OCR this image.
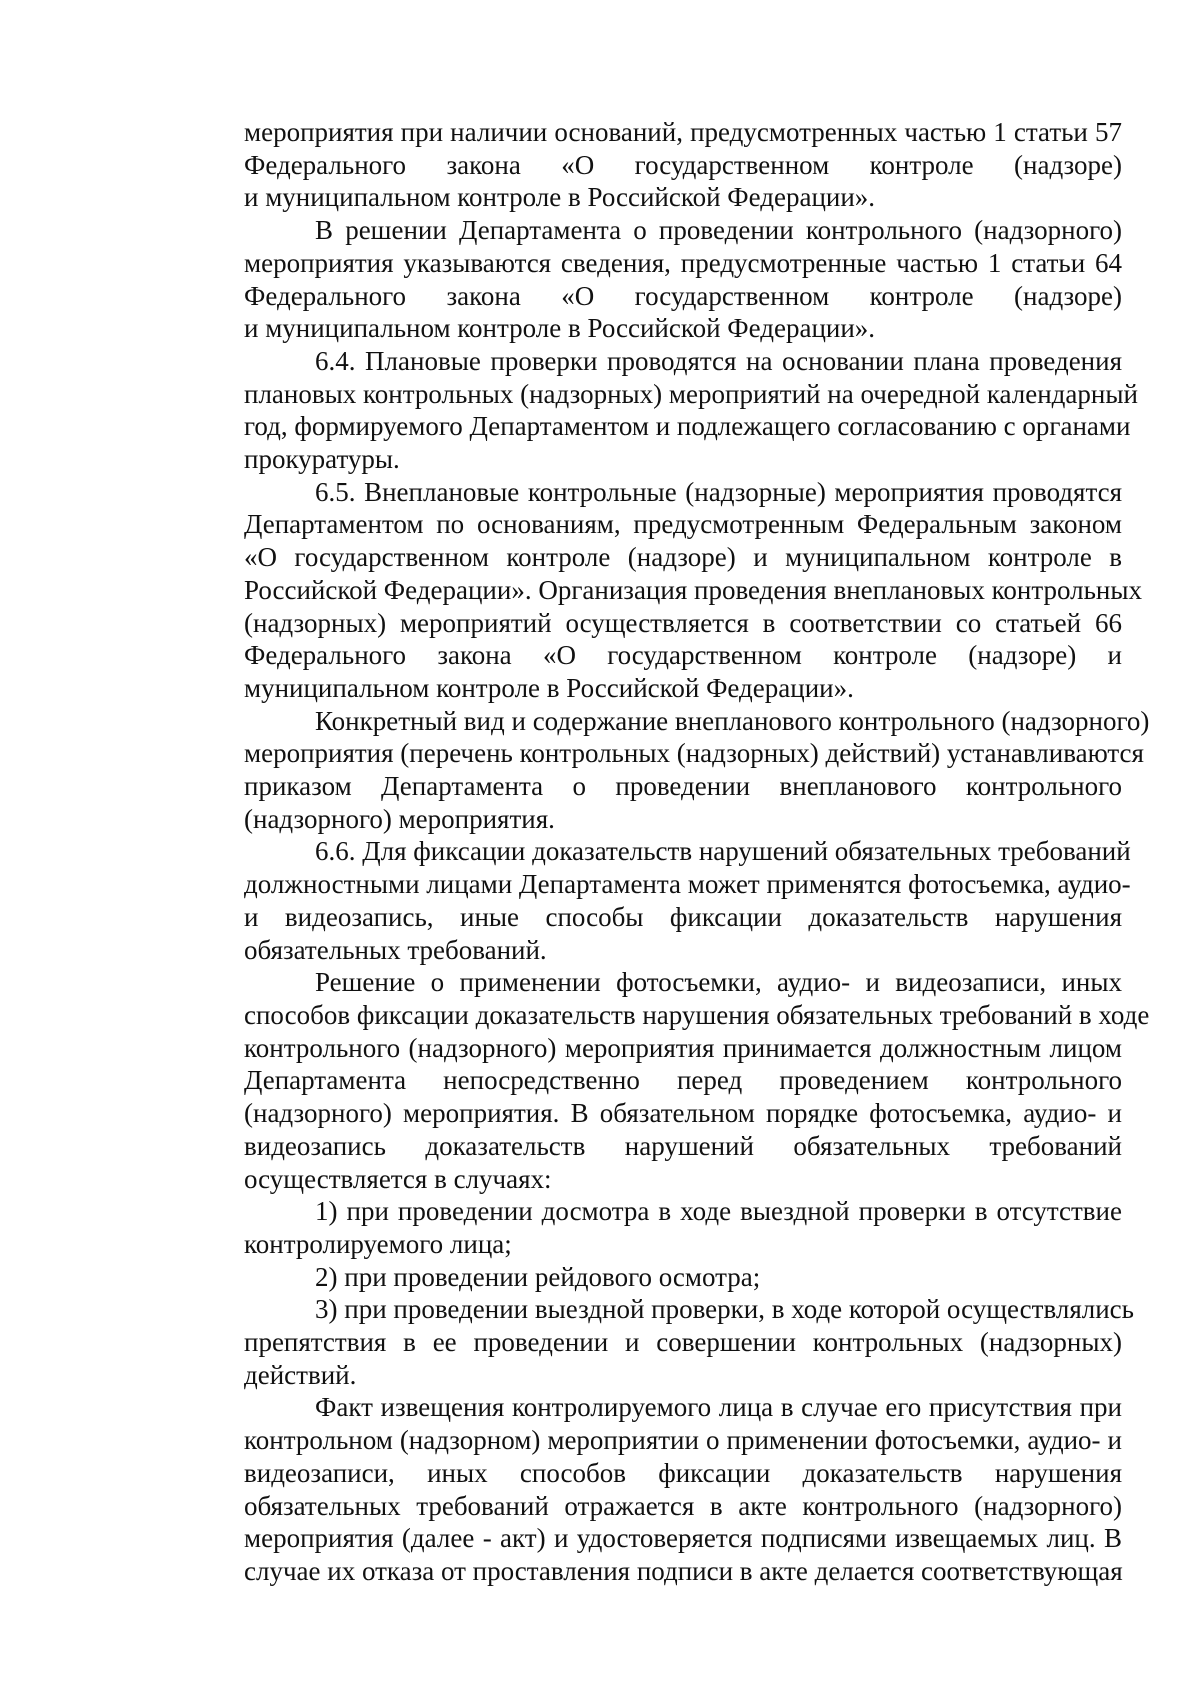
мероприятия при наличии оснований, предусмотренных частью 1 статьи 57
Федерального закона «О государственном контроле (надзоре)
и муниципальном контроле в Российской Федерации».
В решении Департамента о проведении контрольного (надзорного)
мероприятия указываются сведения, предусмотренные частью 1 статьи 64
Федерального закона «О государственном контроле (надзоре)
и муниципальном контроле в Российской Федерации».
6.4. Плановые проверки проводятся на основании плана проведения
плановых контрольных (надзорных) мероприятий на очередной календарный
год, формируемого Департаментом и подлежащего согласованию с органами
прокуратуры.
6.5. Внеплановые контрольные (надзорные) мероприятия проводятся
Департаментом по основаниям, предусмотренным Федеральным законом
«О государственном контроле (надзоре) и муниципальном контроле в
Российской Федерации». Организация проведения внеплановых контрольных
(надзорных) мероприятий осуществляется в соответствии со статьей 66
Федерального закона «О государственном контроле (надзоре) и
муниципальном контроле в Российской Федерации».
Конкретный вид и содержание внепланового контрольного (надзорного)
мероприятия (перечень контрольных (надзорных) действий) устанавливаются
приказом Департамента о проведении внепланового контрольного
(надзорного) мероприятия.
6.6. Для фиксации доказательств нарушений обязательных требований
должностными лицами Департамента может применятся фотосъемка, аудио-
и видеозапись, иные способы фиксации доказательств нарушения
обязательных требований.
Решение о применении фотосъемки, аудио- и видеозаписи, иных
способов фиксации доказательств нарушения обязательных требований в ходе
контрольного (надзорного) мероприятия принимается должностным лицом
Департамента непосредственно перед проведением контрольного
(надзорного) мероприятия. В обязательном порядке фотосъемка, аудио- и
видеозапись доказательств нарушений обязательных требований
осуществляется в случаях:
1) при проведении досмотра в ходе выездной проверки в отсутствие
контролируемого лица;
2) при проведении рейдового осмотра;
3) при проведении выездной проверки, в ходе которой осуществлялись
препятствия в ее проведении и совершении контрольных (надзорных)
действий.
Факт извещения контролируемого лица в случае его присутствия при
контрольном (надзорном) мероприятии о применении фотосъемки, аудио- и
видеозаписи, иных способов фиксации доказательств нарушения
обязательных требований отражается в акте контрольного (надзорного)
мероприятия (далее - акт) и удостоверяется подписями извещаемых лиц. В
случае их отказа от проставления подписи в акте делается соответствующая
